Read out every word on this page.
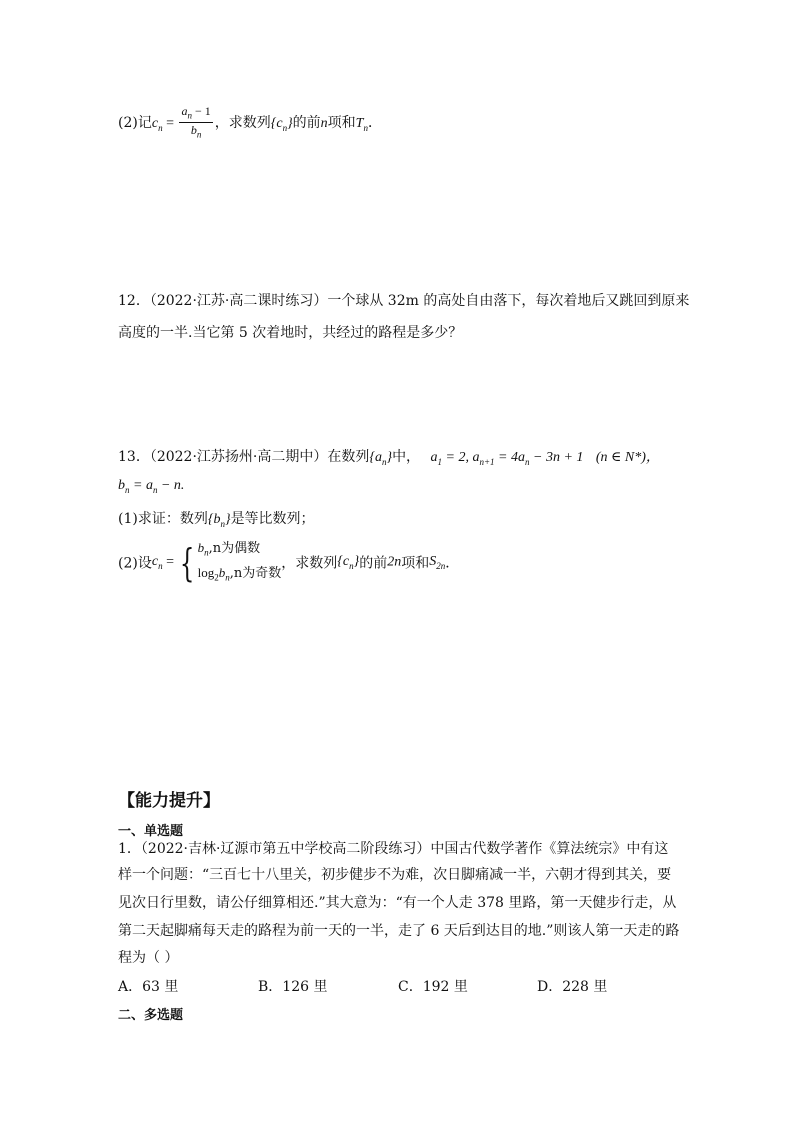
(2)记$c_n = \frac{a_n - 1}{b_n}$ ，求数列$\{c_n\}$的前n项和$T_n$．
12．（2022·江苏·高二课时练习）一个球从 32m 的高处自由落下，每次着地后又跳回到原来
高度的一半.当它第 5 次着地时，共经过的路程是多少？
13．（2022·江苏扬州·高二期中）在数列$\{a_n\}$中， $a_1 = 2$, $a_{n+1} = 4a_n - 3n + 1$ (n ∈ N*)，
$b_n = a_n - n$.
(1)求证：数列$\{b_n\}$是等比数列；
(2)设$c_n$ = { $b_n,n$为偶数
$\log_2b_n,n$为奇数
，求数列$\{c_n\}$的前2n项和$S_{2n}$．
【能力提升】
一、单选题
1．（2022·吉林·辽源市第五中学校高二阶段练习）中国古代数学著作《算法统宗》中有这
样一个问题：“三百七十八里关，初步健步不为难，次日脚痛减一半，六朝才得到其关，要
见次日行里数，请公仔细算相还.”其大意为：“有一个人走 378 里路，第一天健步行走，从
第二天起脚痛每天走的路程为前一天的一半，走了 6 天后到达目的地.”则该人第一天走的路
程为（ ）
A．63 里	B．126 里	C．192 里	D．228 里
二、多选题
